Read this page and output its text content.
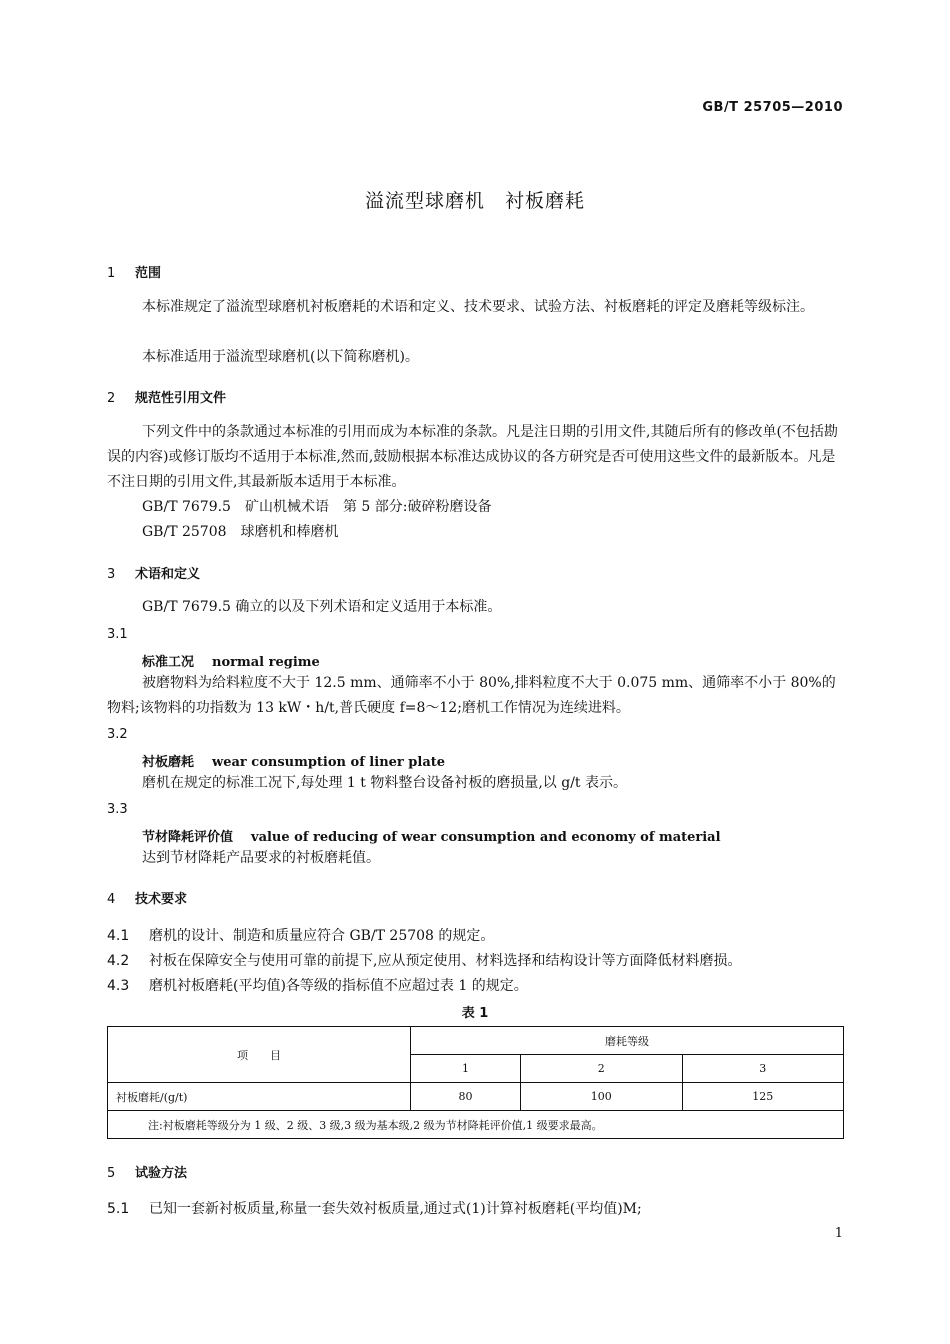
GB/T 25705—2010
溢流型球磨机　衬板磨耗
1 范围
本标准规定了溢流型球磨机衬板磨耗的术语和定义、技术要求、试验方法、衬板磨耗的评定及磨耗等级标注。
本标准适用于溢流型球磨机(以下简称磨机)。
2 规范性引用文件
下列文件中的条款通过本标准的引用而成为本标准的条款。凡是注日期的引用文件,其随后所有的修改单(不包括勘误的内容)或修订版均不适用于本标准,然而,鼓励根据本标准达成协议的各方研究是否可使用这些文件的最新版本。凡是不注日期的引用文件,其最新版本适用于本标准。
GB/T 7679.5　矿山机械术语　第 5 部分:破碎粉磨设备
GB/T 25708　球磨机和棒磨机
3 术语和定义
GB/T 7679.5 确立的以及下列术语和定义适用于本标准。
3.1
标准工况 normal regime
被磨物料为给料粒度不大于 12.5 mm、通筛率不小于 80%,排料粒度不大于 0.075 mm、通筛率不小于 80%的物料;该物料的功指数为 13 kW・h/t,普氏硬度 f=8～12;磨机工作情况为连续进料。
3.2
衬板磨耗 wear consumption of liner plate
磨机在规定的标准工况下,每处理 1 t 物料整台设备衬板的磨损量,以 g/t 表示。
3.3
节材降耗评价值 value of reducing of wear consumption and economy of material
达到节材降耗产品要求的衬板磨耗值。
4 技术要求
4.1 磨机的设计、制造和质量应符合 GB/T 25708 的规定。
4.2 衬板在保障安全与使用可靠的前提下,应从预定使用、材料选择和结构设计等方面降低材料磨损。
4.3 磨机衬板磨耗(平均值)各等级的指标值不应超过表 1 的规定。
表 1
项　　目	磨耗等级		
	1	2	3
衬板磨耗/(g/t)	80	100	125
注:衬板磨耗等级分为 1 级、2 级、3 级,3 级为基本级,2 级为节材降耗评价值,1 级要求最高。			
5 试验方法
5.1 已知一套新衬板质量,称量一套失效衬板质量,通过式(1)计算衬板磨耗(平均值)M;
1
